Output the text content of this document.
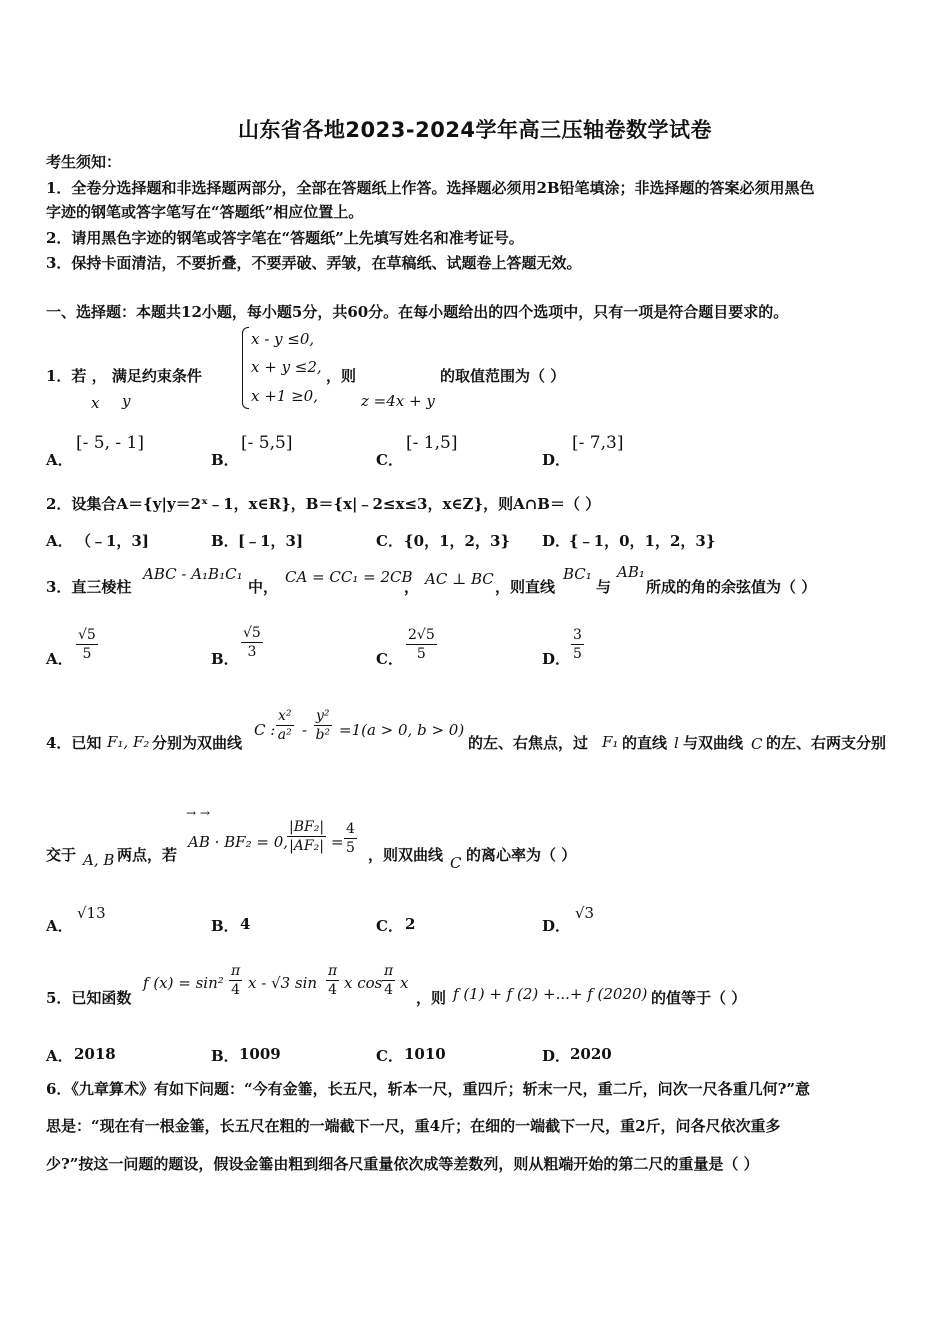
山东省各地2023-2024学年高三压轴卷数学试卷
考生须知：
1．全卷分选择题和非选择题两部分，全部在答题纸上作答。选择题必须用2B铅笔填涂；非选择题的答案必须用黑色
字迹的钢笔或答字笔写在“答题纸”相应位置上。
2．请用黑色字迹的钢笔或答字笔在“答题纸”上先填写姓名和准考证号。
3．保持卡面清洁，不要折叠，不要弄破、弄皱，在草稿纸、试题卷上答题无效。
一、选择题：本题共12小题，每小题5分，共60分。在每小题给出的四个选项中，只有一项是符合题目要求的。
1．若 ， 满足约束条件
x y
x - y ≤0,
x + y ≤2,
x +1 ≥0,
，则
z =4x + y
的取值范围为（ ）
A．
[- 5, - 1]
B．
[- 5,5]
C．
[- 1,5]
D．
[- 7,3]
2．设集合A＝{y|y＝2ˣ﹣1，x∈R}，B＝{x|﹣2≤x≤3，x∈Z}，则A∩B＝（ ）
A． （﹣1，3]	B． [﹣1，3]	C． {0，1，2，3} D．
{﹣1，0，1，2，3}
3．直三棱柱
ABC - A₁B₁C₁
中，
CA = CC₁ = 2CB
， AC ⊥ BC ，则直线
BC₁
与
AB₁
所成的角的余弦值为（ ）
A． $\frac{√5}{5}$	B． $\frac{√5}{3}$	C． $\frac{2√5}{5}$	D． $\frac{3}{5}$
4．已知 F₁, F₂ 分别为双曲线
C : $\frac{\text{x²}}{\text{a²}} - \frac{\text{y²}}{\text{b²}} =1(a > 0$, b > 0)
的左、右焦点，过 F₁ 的直线 l 与双曲线 C 的左、右两支分别
交于 A, B 两点，若
→ →
AB · BF₂ = 0,
$\frac{\text{|BF₂|}}{\text{|AF₂|}} = \frac{4}{5}$ ，则双曲线 C 的离心率为（ ）
A．
√13
B． 4	C． 2	D．
√3
5．已知函数
f $(x) = \sin^2 \frac{\pi}{4}$ x - √3 $\sin \frac{\pi}{4}$ x $\cos \frac{\pi}{4}$ x
，则 f (1) + f (2) +...+ f (2020) 的值等于（ ）
A． 2018	B． 1009	C． 1010	D． 2020
6．《九章算术》有如下问题：“今有金箠，长五尺，斩本一尺，重四斤；斩末一尺，重二斤，问次一尺各重几何?”意
思是：“现在有一根金箠，长五尺在粗的一端截下一尺，重4斤；在细的一端截下一尺，重2斤，问各尺依次重多
少?”按这一问题的题设，假设金箠由粗到细各尺重量依次成等差数列，则从粗端开始的第二尺的重量是（ ）
